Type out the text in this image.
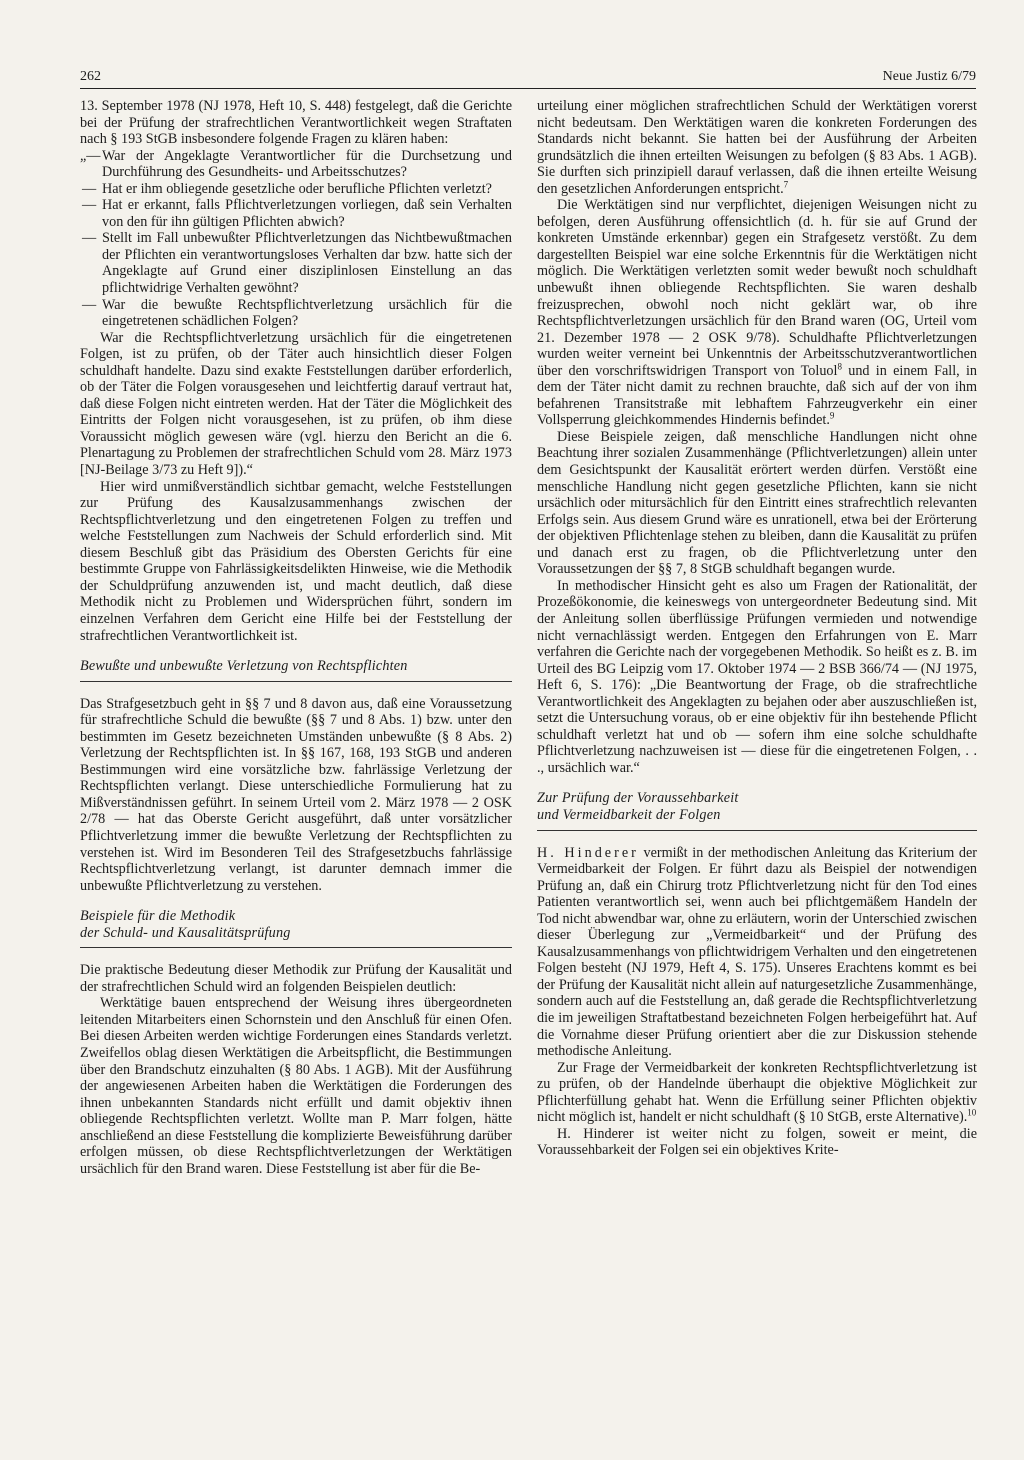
262	Neue Justiz 6/79

13. September 1978 (NJ 1978, Heft 10, S. 448) festgelegt, daß die Gerichte bei der Prüfung der strafrechtlichen Verantwortlichkeit wegen Straftaten nach § 193 StGB insbesondere folgende Fragen zu klären haben:

„— War der Angeklagte Verantwortlicher für die Durchsetzung und Durchführung des Gesundheits- und Arbeitsschutzes?
— Hat er ihm obliegende gesetzliche oder berufliche Pflichten verletzt?
— Hat er erkannt, falls Pflichtverletzungen vorliegen, daß sein Verhalten von den für ihn gültigen Pflichten abwich?
— Stellt im Fall unbewußter Pflichtverletzungen das Nichtbewußtmachen der Pflichten ein verantwortungsloses Verhalten dar bzw. hatte sich der Angeklagte auf Grund einer disziplinlosen Einstellung an das pflichtwidrige Verhalten gewöhnt?
— War die bewußte Rechtspflichtverletzung ursächlich für die eingetretenen schädlichen Folgen?

War die Rechtspflichtverletzung ursächlich für die eingetretenen Folgen, ist zu prüfen, ob der Täter auch hinsichtlich dieser Folgen schuldhaft handelte. Dazu sind exakte Feststellungen darüber erforderlich, ob der Täter die Folgen vorausgesehen und leichtfertig darauf vertraut hat, daß diese Folgen nicht eintreten werden. Hat der Täter die Möglichkeit des Eintritts der Folgen nicht vorausgesehen, ist zu prüfen, ob ihm diese Voraussicht möglich gewesen wäre (vgl. hierzu den Bericht an die 6. Plenartagung zu Problemen der strafrechtlichen Schuld vom 28. März 1973 [NJ-Beilage 3/73 zu Heft 9]).“

Hier wird unmißverständlich sichtbar gemacht, welche Feststellungen zur Prüfung des Kausalzusammenhangs zwischen der Rechtspflichtverletzung und den eingetretenen Folgen zu treffen und welche Feststellungen zum Nachweis der Schuld erforderlich sind. Mit diesem Beschluß gibt das Präsidium des Obersten Gerichts für eine bestimmte Gruppe von Fahrlässigkeitsdelikten Hinweise, wie die Methodik der Schuldprüfung anzuwenden ist, und macht deutlich, daß diese Methodik nicht zu Problemen und Widersprüchen führt, sondern im einzelnen Verfahren dem Gericht eine Hilfe bei der Feststellung der strafrechtlichen Verantwortlichkeit ist.

Bewußte und unbewußte Verletzung von Rechtspflichten

Das Strafgesetzbuch geht in §§ 7 und 8 davon aus, daß eine Voraussetzung für strafrechtliche Schuld die bewußte (§§ 7 und 8 Abs. 1) bzw. unter den bestimmten im Gesetz bezeichneten Umständen unbewußte (§ 8 Abs. 2) Verletzung der Rechtspflichten ist. In §§ 167, 168, 193 StGB und anderen Bestimmungen wird eine vorsätzliche bzw. fahrlässige Verletzung der Rechtspflichten verlangt. Diese unterschiedliche Formulierung hat zu Mißverständnissen geführt. In seinem Urteil vom 2. März 1978 — 2 OSK 2/78 — hat das Oberste Gericht ausgeführt, daß unter vorsätzlicher Pflichtverletzung immer die bewußte Verletzung der Rechtspflichten zu verstehen ist. Wird im Besonderen Teil des Strafgesetzbuchs fahrlässige Rechtspflichtverletzung verlangt, ist darunter demnach immer die unbewußte Pflichtverletzung zu verstehen.

Beispiele für die Methodik
der Schuld- und Kausalitätsprüfung

Die praktische Bedeutung dieser Methodik zur Prüfung der Kausalität und der strafrechtlichen Schuld wird an folgenden Beispielen deutlich:

Werktätige bauen entsprechend der Weisung ihres übergeordneten leitenden Mitarbeiters einen Schornstein und den Anschluß für einen Ofen. Bei diesen Arbeiten werden wichtige Forderungen eines Standards verletzt. Zweifellos oblag diesen Werktätigen die Arbeitspflicht, die Bestimmungen über den Brandschutz einzuhalten (§ 80 Abs. 1 AGB). Mit der Ausführung der angewiesenen Arbeiten haben die Werktätigen die Forderungen des ihnen unbekannten Standards nicht erfüllt und damit objektiv ihnen obliegende Rechtspflichten verletzt. Wollte man P. Marr folgen, hätte anschließend an diese Feststellung die komplizierte Beweisführung darüber erfolgen müssen, ob diese Rechtspflichtverletzungen der Werktätigen ursächlich für den Brand waren. Diese Feststellung ist aber für die Be-

urteilung einer möglichen strafrechtlichen Schuld der Werktätigen vorerst nicht bedeutsam. Den Werktätigen waren die konkreten Forderungen des Standards nicht bekannt. Sie hatten bei der Ausführung der Arbeiten grundsätzlich die ihnen erteilten Weisungen zu befolgen (§ 83 Abs. 1 AGB). Sie durften sich prinzipiell darauf verlassen, daß die ihnen erteilte Weisung den gesetzlichen Anforderungen entspricht.$^7$

Die Werktätigen sind nur verpflichtet, diejenigen Weisungen nicht zu befolgen, deren Ausführung offensichtlich (d. h. für sie auf Grund der konkreten Umstände erkennbar) gegen ein Strafgesetz verstößt. Zu dem dargestellten Beispiel war eine solche Erkenntnis für die Werktätigen nicht möglich. Die Werktätigen verletzten somit weder bewußt noch schuldhaft unbewußt ihnen obliegende Rechtspflichten. Sie waren deshalb freizusprechen, obwohl noch nicht geklärt war, ob ihre Rechtspflichtverletzungen ursächlich für den Brand waren (OG, Urteil vom 21. Dezember 1978 — 2 OSK 9/78). Schuldhafte Pflichtverletzungen wurden weiter verneint bei Unkenntnis der Arbeitsschutzverantwortlichen über den vorschriftswidrigen Transport von Toluol$^8$ und in einem Fall, in dem der Täter nicht damit zu rechnen brauchte, daß sich auf der von ihm befahrenen Transitstraße mit lebhaftem Fahrzeugverkehr ein einer Vollsperrung gleichkommendes Hindernis befindet.$^9$

Diese Beispiele zeigen, daß menschliche Handlungen nicht ohne Beachtung ihrer sozialen Zusammenhänge (Pflichtverletzungen) allein unter dem Gesichtspunkt der Kausalität erörtert werden dürfen. Verstößt eine menschliche Handlung nicht gegen gesetzliche Pflichten, kann sie nicht ursächlich oder mitursächlich für den Eintritt eines strafrechtlich relevanten Erfolgs sein. Aus diesem Grund wäre es unrationell, etwa bei der Erörterung der objektiven Pflichtenlage stehen zu bleiben, dann die Kausalität zu prüfen und danach erst zu fragen, ob die Pflichtverletzung unter den Voraussetzungen der §§ 7, 8 StGB schuldhaft begangen wurde.

In methodischer Hinsicht geht es also um Fragen der Rationalität, der Prozeßökonomie, die keineswegs von untergeordneter Bedeutung sind. Mit der Anleitung sollen überflüssige Prüfungen vermieden und notwendige nicht vernachlässigt werden. Entgegen den Erfahrungen von E. Marr verfahren die Gerichte nach der vorgegebenen Methodik. So heißt es z. B. im Urteil des BG Leipzig vom 17. Oktober 1974 — 2 BSB 366/74 — (NJ 1975, Heft 6, S. 176): „Die Beantwortung der Frage, ob die strafrechtliche Verantwortlichkeit des Angeklagten zu bejahen oder aber auszuschließen ist, setzt die Untersuchung voraus, ob er eine objektiv für ihn bestehende Pflicht schuldhaft verletzt hat und ob — sofern ihm eine solche schuldhafte Pflichtverletzung nachzuweisen ist — diese für die eingetretenen Folgen, . . ., ursächlich war.“

Zur Prüfung der Voraussehbarkeit
und Vermeidbarkeit der Folgen

H. Hinderer vermißt in der methodischen Anleitung das Kriterium der Vermeidbarkeit der Folgen. Er führt dazu als Beispiel der notwendigen Prüfung an, daß ein Chirurg trotz Pflichtverletzung nicht für den Tod eines Patienten verantwortlich sei, wenn auch bei pflichtgemäßem Handeln der Tod nicht abwendbar war, ohne zu erläutern, worin der Unterschied zwischen dieser Überlegung zur „Vermeidbarkeit“ und der Prüfung des Kausalzusammenhangs von pflichtwidrigem Verhalten und den eingetretenen Folgen besteht (NJ 1979, Heft 4, S. 175). Unseres Erachtens kommt es bei der Prüfung der Kausalität nicht allein auf naturgesetzliche Zusammenhänge, sondern auch auf die Feststellung an, daß gerade die Rechtspflichtverletzung die im jeweiligen Straftatbestand bezeichneten Folgen herbeigeführt hat. Auf die Vornahme dieser Prüfung orientiert aber die zur Diskussion stehende methodische Anleitung.

Zur Frage der Vermeidbarkeit der konkreten Rechtspflichtverletzung ist zu prüfen, ob der Handelnde überhaupt die objektive Möglichkeit zur Pflichterfüllung gehabt hat. Wenn die Erfüllung seiner Pflichten objektiv nicht möglich ist, handelt er nicht schuldhaft (§ 10 StGB, erste Alternative).$^{10}$

H. Hinderer ist weiter nicht zu folgen, soweit er meint, die Voraussehbarkeit der Folgen sei ein objektives Krite-
